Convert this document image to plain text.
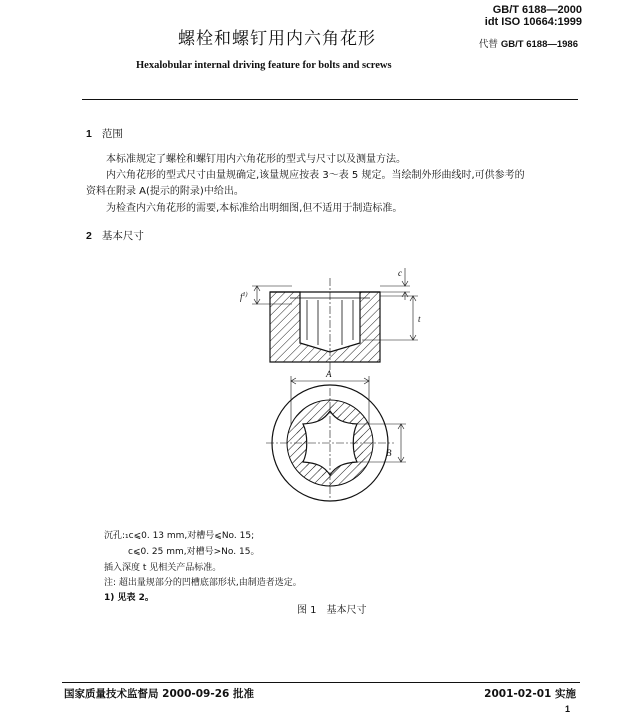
GB/T 6188—2000
idt ISO 10664:1999
螺栓和螺钉用内六角花形	代替 GB/T 6188—1986
Hexalobular internal driving feature for bolts and screws
1 范围
本标准规定了螺栓和螺钉用内六角花形的型式与尺寸以及测量方法。
内六角花形的型式尺寸由量规确定,该量规应按表 3～表 5 规定。当绘制外形曲线时,可供参考的
资料在附录 A(提示的附录)中给出。
为检查内六角花形的需要,本标准给出明细图,但不适用于制造标准。
2 基本尺寸
c
t
$f^{1)}$
A
B
沉孔:₁c⩽0. 13 mm,对槽号⩽No. 15;
c⩽0. 25 mm,对槽号>No. 15。
插入深度 t 见相关产品标准。
注: 超出量规部分的凹槽底部形状,由制造者选定。
1) 见表 2。
图 1 基本尺寸
国家质量技术监督局 2000-09-26 批准	2001-02-01 实施
1
